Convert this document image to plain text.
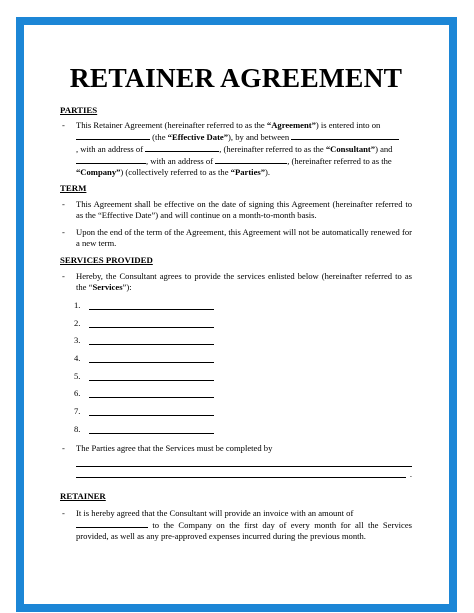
RETAINER AGREEMENT
PARTIES
- This Retainer Agreement (hereinafter referred to as the “Agreement”) is entered into on
(the “Effective Date”), by and between
, with an address of	, (hereinafter referred to as the “Consultant”) and
, with an address of	, (hereinafter referred to as the
“Company”) (collectively referred to as the “Parties”).
TERM
- This Agreement shall be effective on the date of signing this Agreement (hereinafter referred to as the “Effective Date”) and will continue on a month-to-month basis.
- Upon the end of the term of the Agreement, this Agreement will not be automatically renewed for a new term.
SERVICES PROVIDED
- Hereby, the Consultant agrees to provide the services enlisted below (hereinafter referred to as the “Services”):
1.
2.
3.
4.
5.
6.
7.
8.
- The Parties agree that the Services must be completed by
.
RETAINER
- It is hereby agreed that the Consultant will provide an invoice with an amount of
to the Company on the first day of every month for all the Services provided, as well as any pre-approved expenses incurred during the previous month.
